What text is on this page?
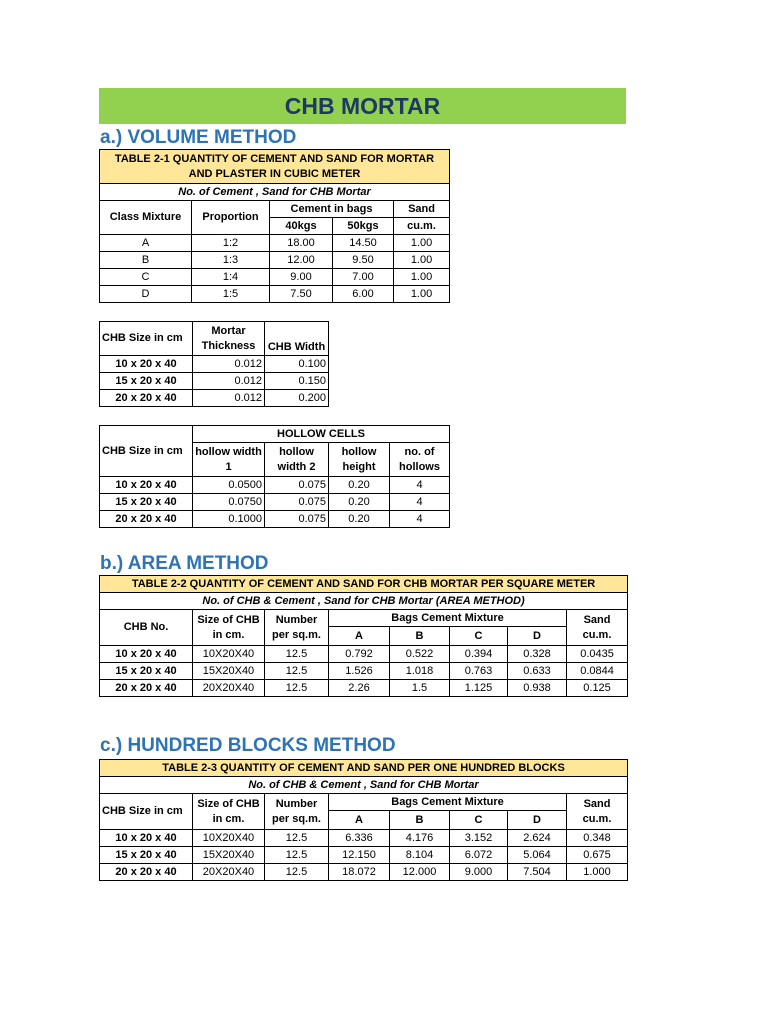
CHB MORTAR
a.) VOLUME METHOD
TABLE 2-1 QUANTITY OF CEMENT AND SAND FOR MORTAR AND PLASTER IN CUBIC METER				
No. of Cement , Sand for CHB Mortar				
Class Mixture	Proportion	Cement in bags		Sand
		40kgs	50kgs	cu.m.
A	1:2	18.00	14.50	1.00
B	1:3	12.00	9.50	1.00
C	1:4	9.00	7.00	1.00
D	1:5	7.50	6.00	1.00
CHB Size in cm	Mortar Thickness	CHB Width
10 x 20 x 40	0.012	0.100
15 x 20 x 40	0.012	0.150
20 x 20 x 40	0.012	0.200
CHB Size in cm	HOLLOW CELLS			
	hollow width 1	hollow width 2	hollow height	no. of hollows

10 x 20 x 40	0.0500	0.075	0.20	4
15 x 20 x 40	0.0750	0.075	0.20	4
20 x 20 x 40	0.1000	0.075	0.20	4
b.) AREA METHOD
TABLE 2-2 QUANTITY OF CEMENT AND SAND FOR CHB MORTAR PER SQUARE METER							
No. of CHB & Cement , Sand for CHB Mortar (AREA METHOD)							
CHB No.	Size of CHB in cm.	Number per sq.m.	Bags Cement Mixture				Sand cu.m.
			A	B	C	D	
10 x 20 x 40	10X20X40	12.5	0.792	0.522	0.394	0.328	0.0435
15 x 20 x 40	15X20X40	12.5	1.526	1.018	0.763	0.633	0.0844
20 x 20 x 40	20X20X40	12.5	2.26	1.5	1.125	0.938	0.125
c.) HUNDRED BLOCKS METHOD
TABLE 2-3 QUANTITY OF CEMENT AND SAND PER ONE HUNDRED BLOCKS							
No. of CHB & Cement , Sand for CHB Mortar							
CHB Size in cm	Size of CHB in cm.	Number per sq.m.	Bags Cement Mixture				Sand cu.m.
			A	B	C	D	
10 x 20 x 40	10X20X40	12.5	6.336	4.176	3.152	2.624	0.348
15 x 20 x 40	15X20X40	12.5	12.150	8.104	6.072	5.064	0.675
20 x 20 x 40	20X20X40	12.5	18.072	12.000	9.000	7.504	1.000
